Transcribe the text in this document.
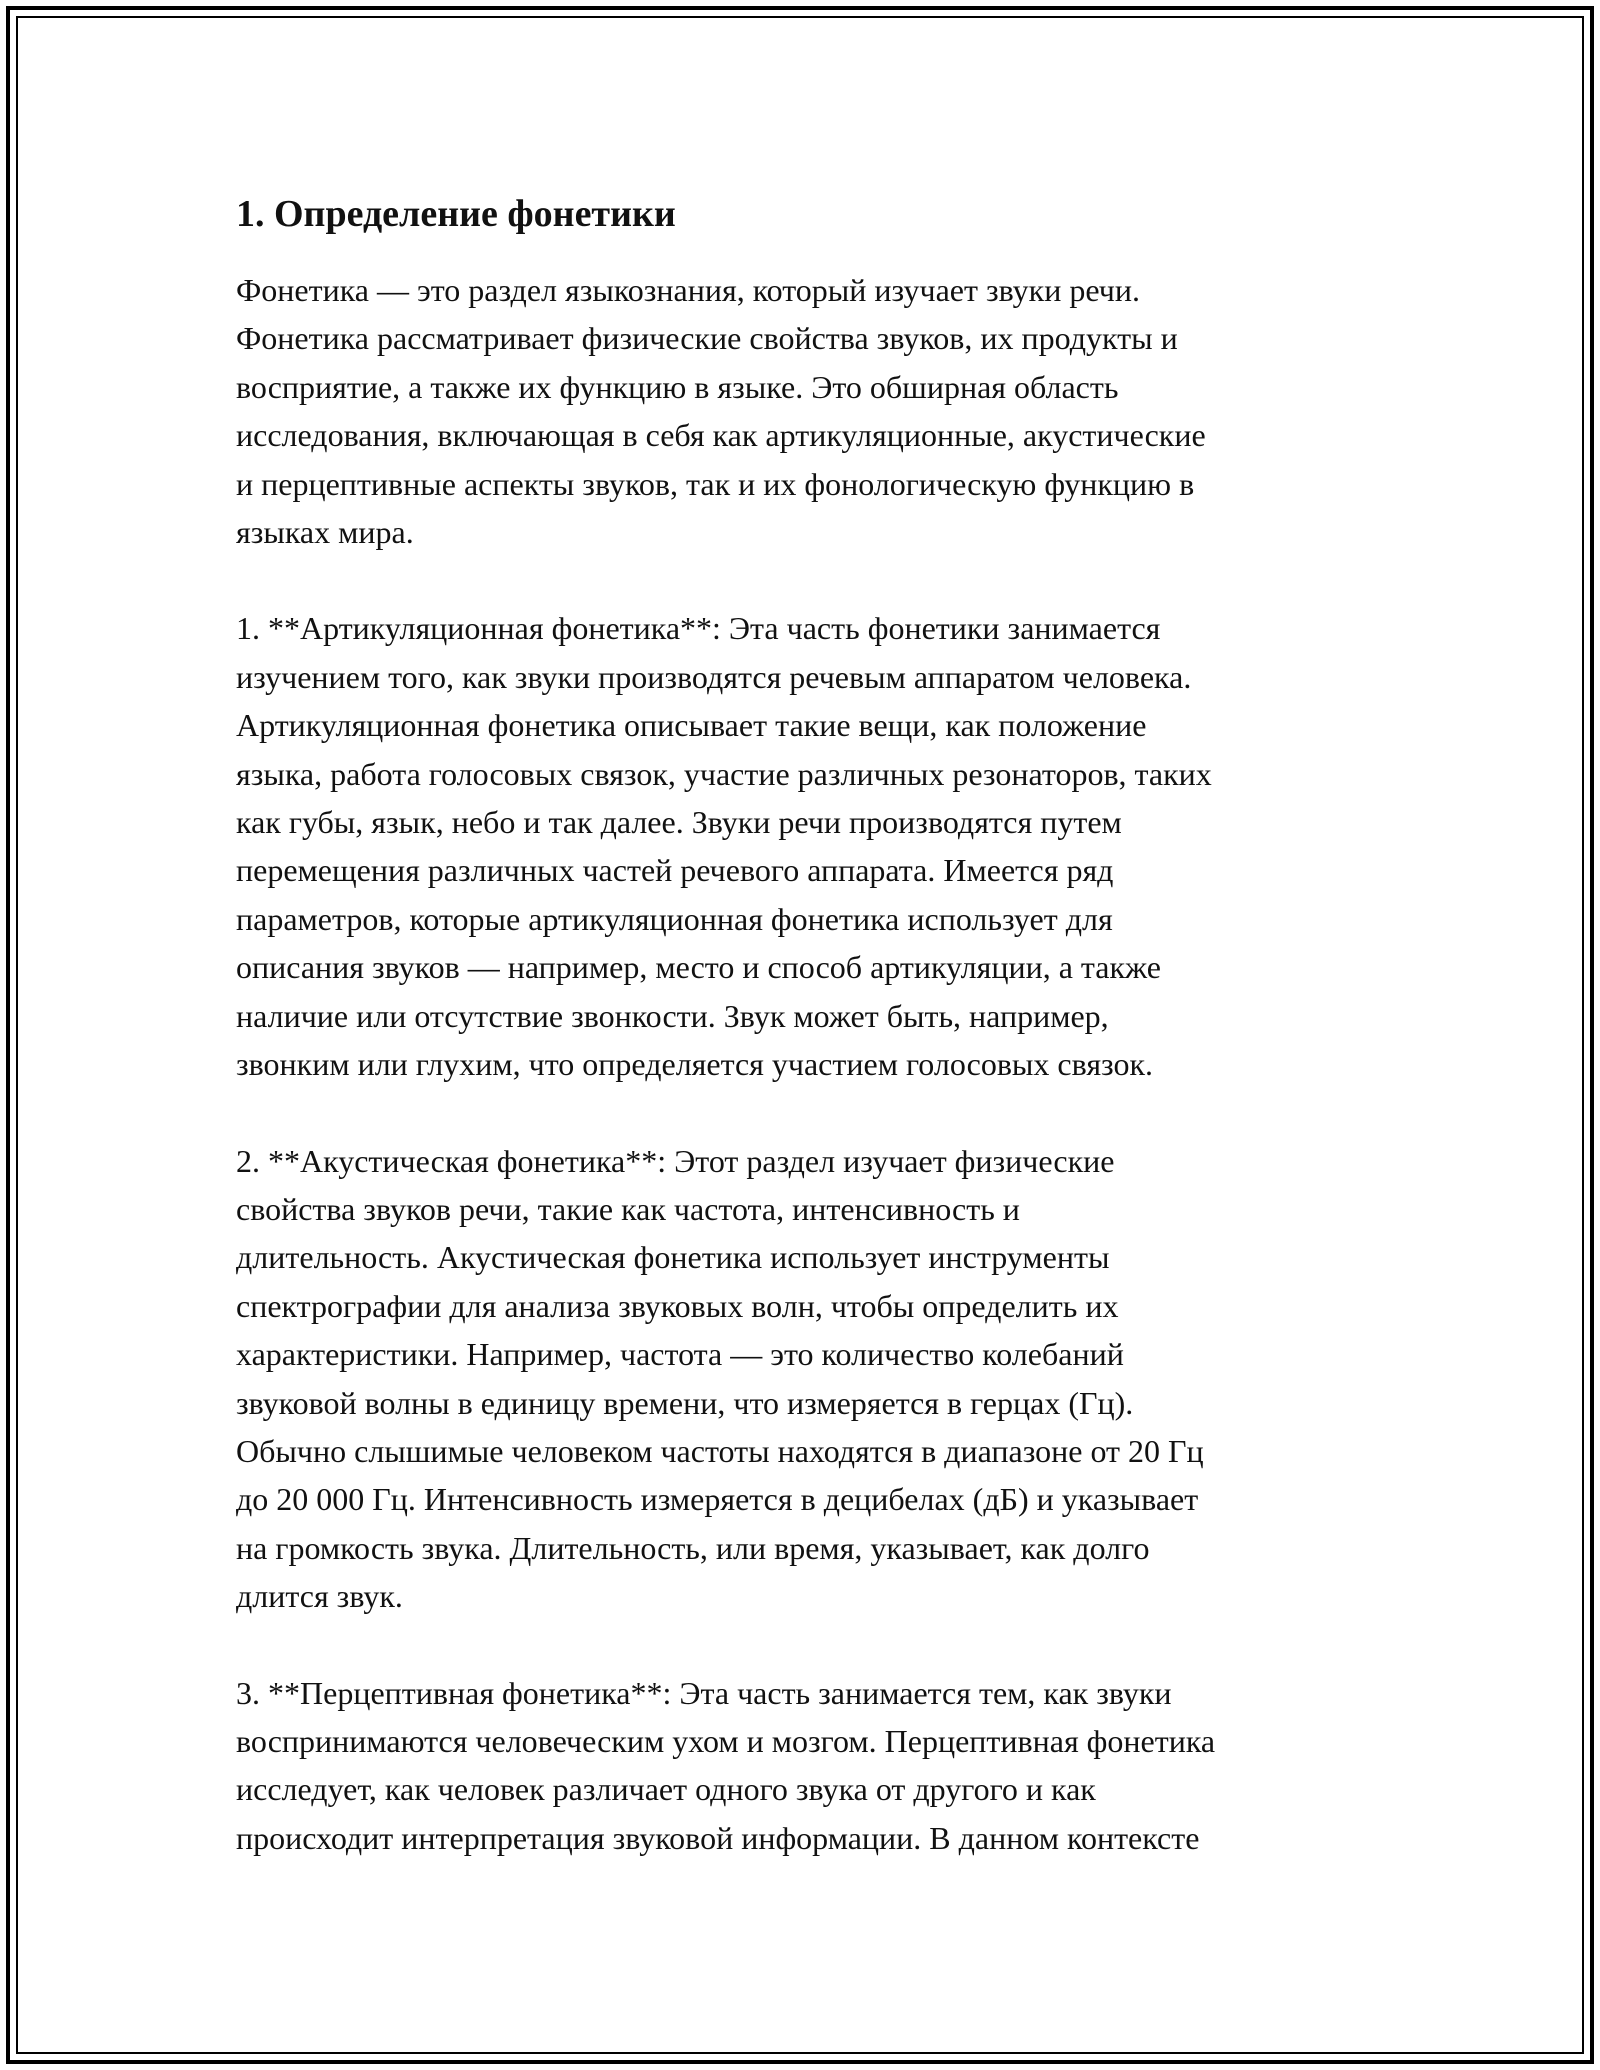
1. Определение фонетики

Фонетика — это раздел языкознания, который изучает звуки речи.
Фонетика рассматривает физические свойства звуков, их продукты и
восприятие, а также их функцию в языке. Это обширная область
исследования, включающая в себя как артикуляционные, акустические
и перцептивные аспекты звуков, так и их фонологическую функцию в
языках мира.

1. **Артикуляционная фонетика**: Эта часть фонетики занимается
изучением того, как звуки производятся речевым аппаратом человека.
Артикуляционная фонетика описывает такие вещи, как положение
языка, работа голосовых связок, участие различных резонаторов, таких
как губы, язык, небо и так далее. Звуки речи производятся путем
перемещения различных частей речевого аппарата. Имеется ряд
параметров, которые артикуляционная фонетика использует для
описания звуков — например, место и способ артикуляции, а также
наличие или отсутствие звонкости. Звук может быть, например,
звонким или глухим, что определяется участием голосовых связок.

2. **Акустическая фонетика**: Этот раздел изучает физические
свойства звуков речи, такие как частота, интенсивность и
длительность. Акустическая фонетика использует инструменты
спектрографии для анализа звуковых волн, чтобы определить их
характеристики. Например, частота — это количество колебаний
звуковой волны в единицу времени, что измеряется в герцах (Гц).
Обычно слышимые человеком частоты находятся в диапазоне от 20 Гц
до 20 000 Гц. Интенсивность измеряется в децибелах (дБ) и указывает
на громкость звука. Длительность, или время, указывает, как долго
длится звук.

3. **Перцептивная фонетика**: Эта часть занимается тем, как звуки
воспринимаются человеческим ухом и мозгом. Перцептивная фонетика
исследует, как человек различает одного звука от другого и как
происходит интерпретация звуковой информации. В данном контексте
